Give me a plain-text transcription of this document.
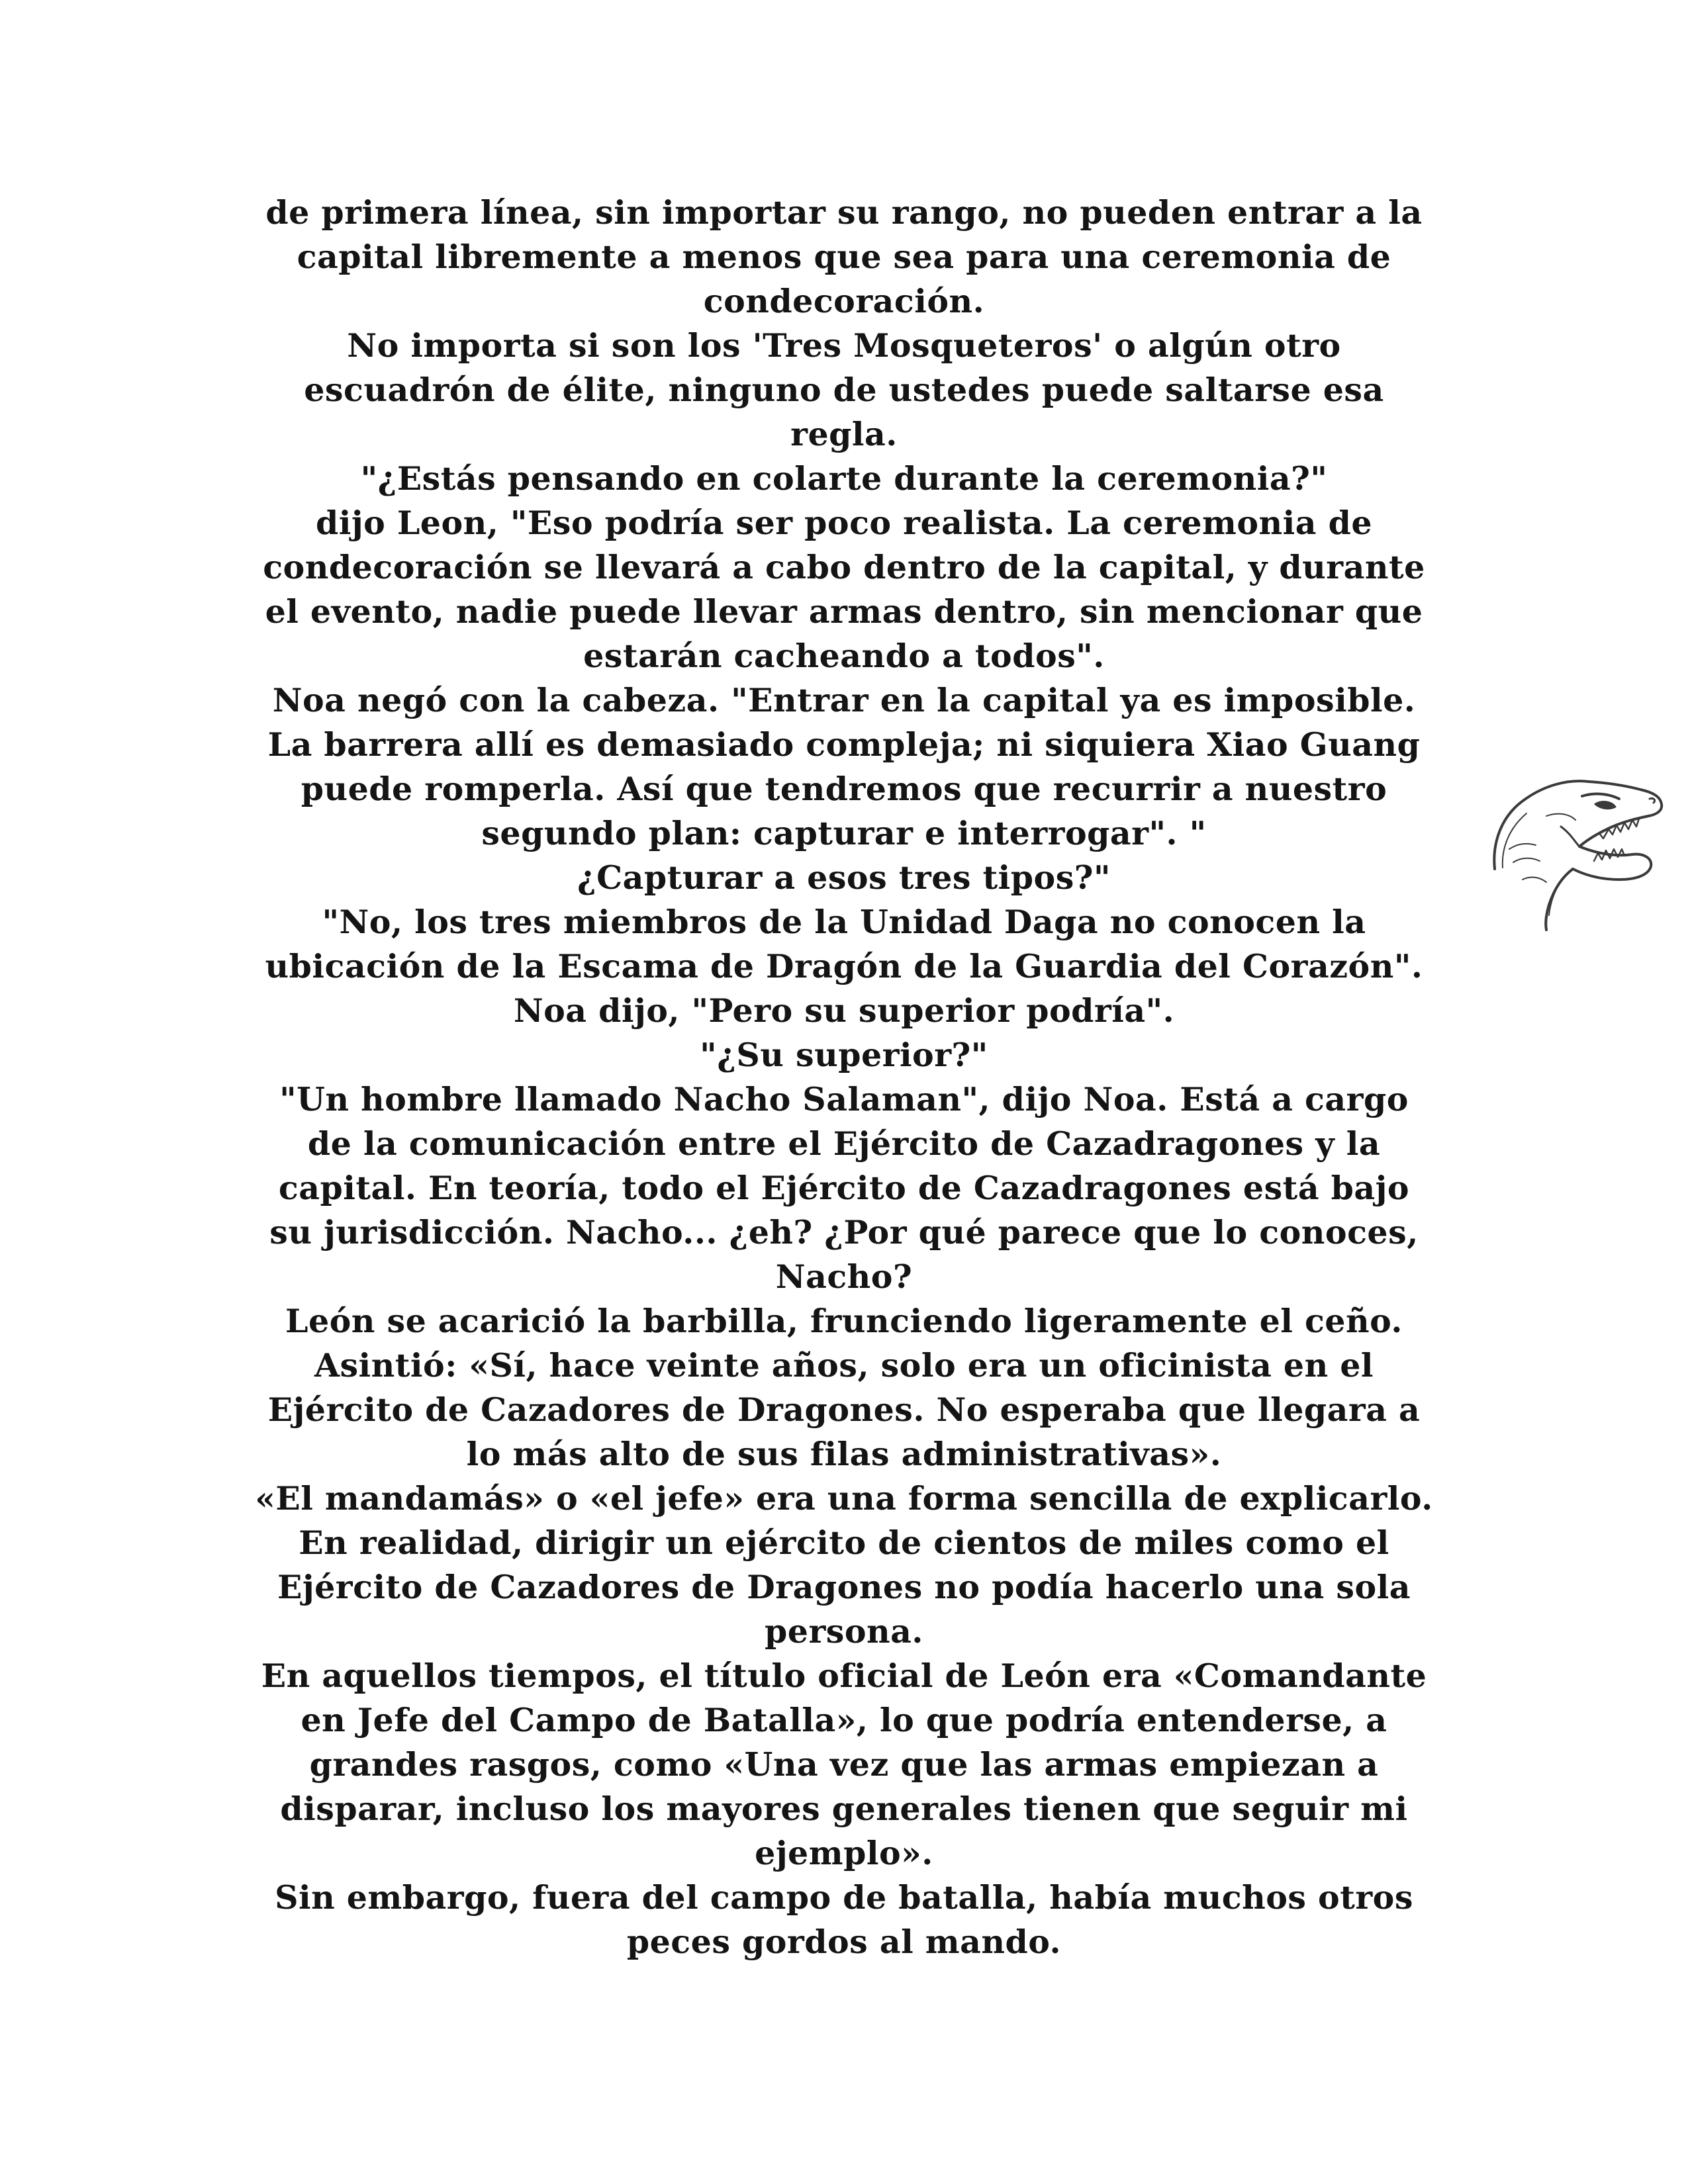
de primera línea, sin importar su rango, no pueden entrar a la
capital libremente a menos que sea para una ceremonia de
condecoración.
No importa si son los 'Tres Mosqueteros' o algún otro
escuadrón de élite, ninguno de ustedes puede saltarse esa
regla.
"¿Estás pensando en colarte durante la ceremonia?"
dijo Leon, "Eso podría ser poco realista. La ceremonia de
condecoración se llevará a cabo dentro de la capital, y durante
el evento, nadie puede llevar armas dentro, sin mencionar que
estarán cacheando a todos".
Noa negó con la cabeza. "Entrar en la capital ya es imposible.
La barrera allí es demasiado compleja; ni siquiera Xiao Guang
puede romperla. Así que tendremos que recurrir a nuestro
segundo plan: capturar e interrogar". "
¿Capturar a esos tres tipos?"
"No, los tres miembros de la Unidad Daga no conocen la
ubicación de la Escama de Dragón de la Guardia del Corazón".
Noa dijo, "Pero su superior podría".
"¿Su superior?"
"Un hombre llamado Nacho Salaman", dijo Noa. Está a cargo
de la comunicación entre el Ejército de Cazadragones y la
capital. En teoría, todo el Ejército de Cazadragones está bajo
su jurisdicción. Nacho... ¿eh? ¿Por qué parece que lo conoces,
Nacho?
León se acarició la barbilla, frunciendo ligeramente el ceño.
Asintió: «Sí, hace veinte años, solo era un oficinista en el
Ejército de Cazadores de Dragones. No esperaba que llegara a
lo más alto de sus filas administrativas».
«El mandamás» o «el jefe» era una forma sencilla de explicarlo.
En realidad, dirigir un ejército de cientos de miles como el
Ejército de Cazadores de Dragones no podía hacerlo una sola
persona.
En aquellos tiempos, el título oficial de León era «Comandante
en Jefe del Campo de Batalla», lo que podría entenderse, a
grandes rasgos, como «Una vez que las armas empiezan a
disparar, incluso los mayores generales tienen que seguir mi
ejemplo».
Sin embargo, fuera del campo de batalla, había muchos otros
peces gordos al mando.
